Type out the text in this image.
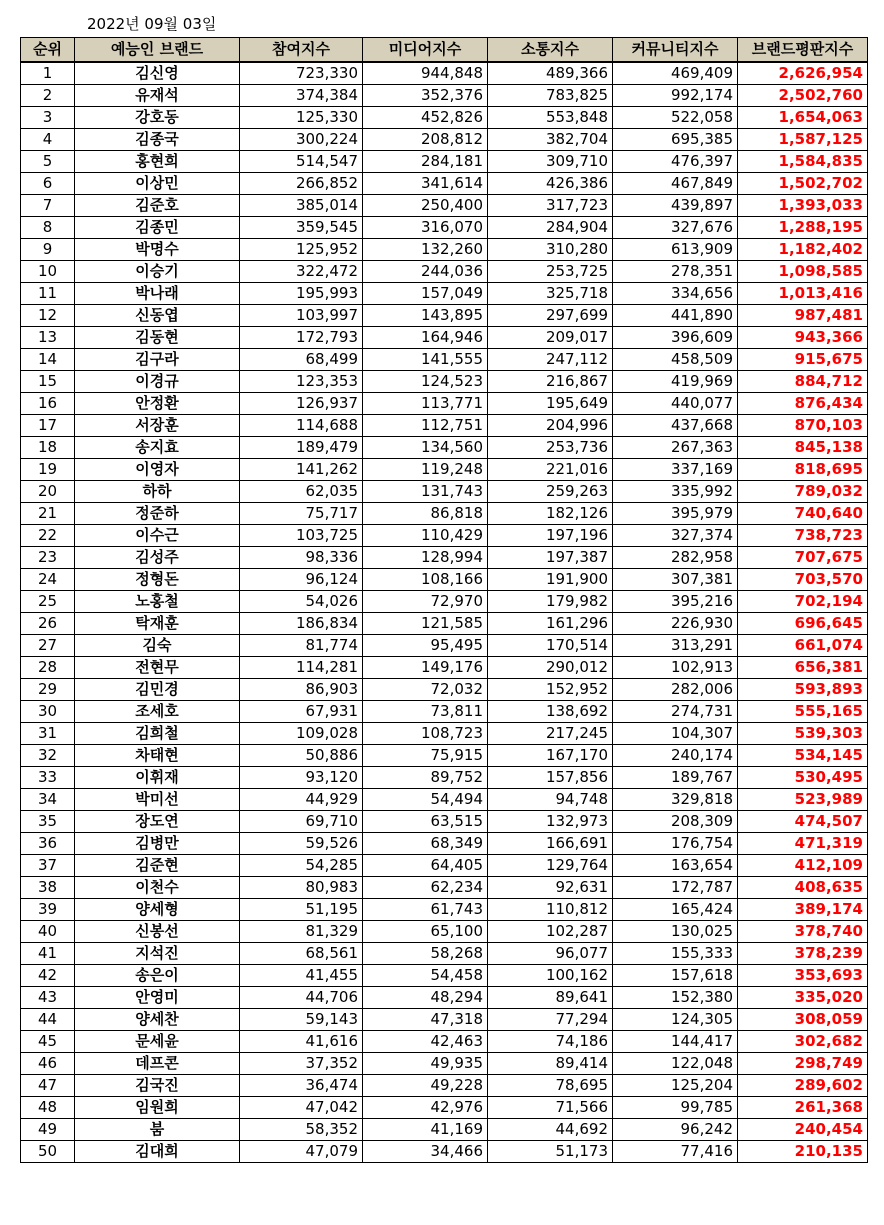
2022년 09월 03일
순위	예능인 브랜드	참여지수	미디어지수	소통지수	커뮤니티지수	브랜드평판지수
1	김신영	723,330	944,848	489,366	469,409	2,626,954
2	유재석	374,384	352,376	783,825	992,174	2,502,760
3	강호동	125,330	452,826	553,848	522,058	1,654,063
4	김종국	300,224	208,812	382,704	695,385	1,587,125
5	홍현희	514,547	284,181	309,710	476,397	1,584,835
6	이상민	266,852	341,614	426,386	467,849	1,502,702
7	김준호	385,014	250,400	317,723	439,897	1,393,033
8	김종민	359,545	316,070	284,904	327,676	1,288,195
9	박명수	125,952	132,260	310,280	613,909	1,182,402
10	이승기	322,472	244,036	253,725	278,351	1,098,585
11	박나래	195,993	157,049	325,718	334,656	1,013,416
12	신동엽	103,997	143,895	297,699	441,890	987,481
13	김동현	172,793	164,946	209,017	396,609	943,366
14	김구라	68,499	141,555	247,112	458,509	915,675
15	이경규	123,353	124,523	216,867	419,969	884,712
16	안정환	126,937	113,771	195,649	440,077	876,434
17	서장훈	114,688	112,751	204,996	437,668	870,103
18	송지효	189,479	134,560	253,736	267,363	845,138
19	이영자	141,262	119,248	221,016	337,169	818,695
20	하하	62,035	131,743	259,263	335,992	789,032
21	정준하	75,717	86,818	182,126	395,979	740,640
22	이수근	103,725	110,429	197,196	327,374	738,723
23	김성주	98,336	128,994	197,387	282,958	707,675
24	정형돈	96,124	108,166	191,900	307,381	703,570
25	노홍철	54,026	72,970	179,982	395,216	702,194
26	탁재훈	186,834	121,585	161,296	226,930	696,645
27	김숙	81,774	95,495	170,514	313,291	661,074
28	전현무	114,281	149,176	290,012	102,913	656,381
29	김민경	86,903	72,032	152,952	282,006	593,893
30	조세호	67,931	73,811	138,692	274,731	555,165
31	김희철	109,028	108,723	217,245	104,307	539,303
32	차태현	50,886	75,915	167,170	240,174	534,145
33	이휘재	93,120	89,752	157,856	189,767	530,495
34	박미선	44,929	54,494	94,748	329,818	523,989
35	장도연	69,710	63,515	132,973	208,309	474,507
36	김병만	59,526	68,349	166,691	176,754	471,319
37	김준현	54,285	64,405	129,764	163,654	412,109
38	이천수	80,983	62,234	92,631	172,787	408,635
39	양세형	51,195	61,743	110,812	165,424	389,174
40	신봉선	81,329	65,100	102,287	130,025	378,740
41	지석진	68,561	58,268	96,077	155,333	378,239
42	송은이	41,455	54,458	100,162	157,618	353,693
43	안영미	44,706	48,294	89,641	152,380	335,020
44	양세찬	59,143	47,318	77,294	124,305	308,059
45	문세윤	41,616	42,463	74,186	144,417	302,682
46	데프콘	37,352	49,935	89,414	122,048	298,749
47	김국진	36,474	49,228	78,695	125,204	289,602
48	임원희	47,042	42,976	71,566	99,785	261,368
49	붐	58,352	41,169	44,692	96,242	240,454
50	김대희	47,079	34,466	51,173	77,416	210,135
